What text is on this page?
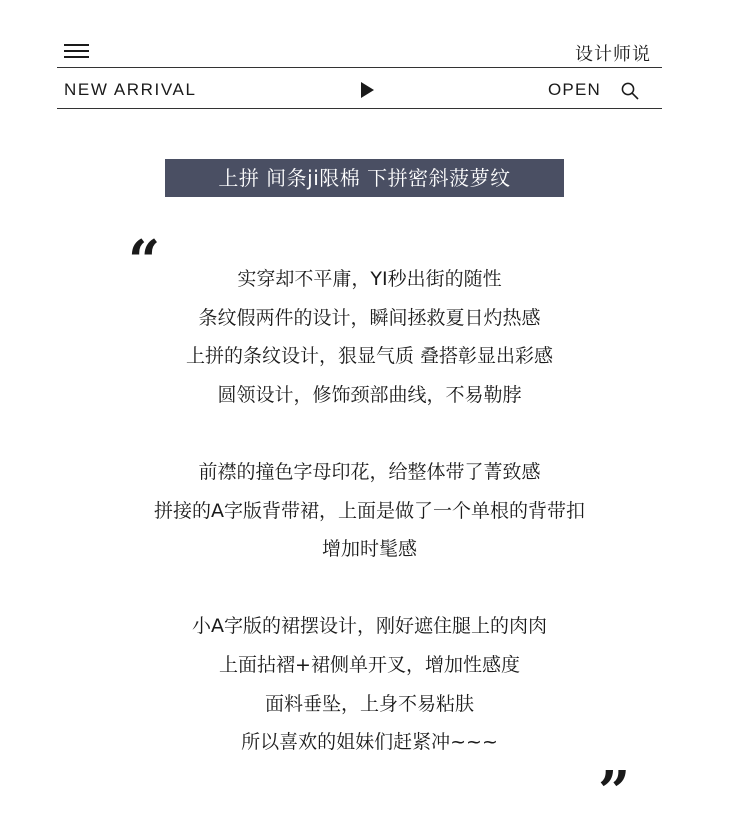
设计师说
NEW ARRIVAL	OPEN
上拼 间条ji限棉 下拼密斜菠萝纹
“	实穿却不平庸，YI秒出街的随性
条纹假两件的设计，瞬间拯救夏日灼热感
上拼的条纹设计，狠显气质 叠搭彰显出彩感
圆领设计，修饰颈部曲线，不易勒脖
前襟的撞色字母印花，给整体带了菁致感
拼接的A字版背带裙，上面是做了一个单根的背带扣
增加时髦感
小A字版的裙摆设计，刚好遮住腿上的肉肉
上面拈褶+裙侧单开叉，增加性感度
面料垂坠，上身不易粘肤
所以喜欢的姐妹们赶紧冲~~~
”
